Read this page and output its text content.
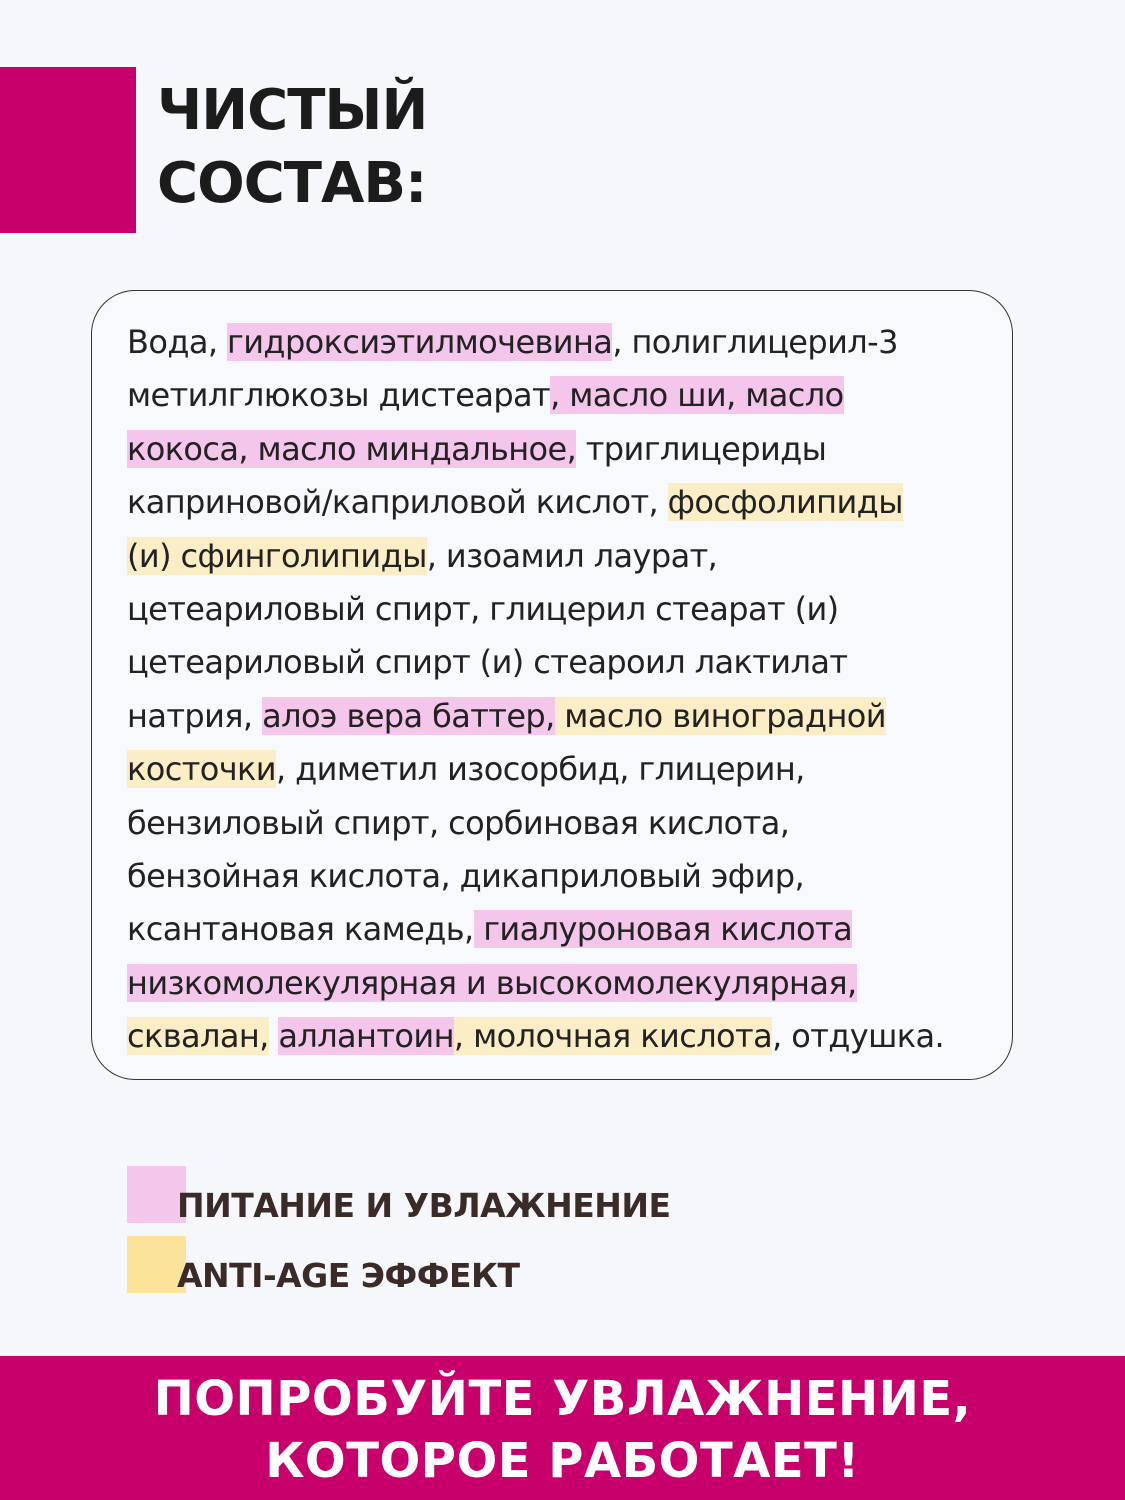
ЧИСТЫЙ
СОСТАВ:

Вода, гидроксиэтилмочевина, полиглицерил-3
метилглюкозы дистеарат, масло ши, масло
кокоса, масло миндальное, триглицериды
каприновой/каприловой кислот, фосфолипиды
(и) сфинголипиды, изоамил лаурат,
цетеариловый спирт, глицерил стеарат (и)
цетеариловый спирт (и) стеароил лактилат
натрия, алоэ вера баттер, масло виноградной
косточки, диметил изосорбид, глицерин,
бензиловый спирт, сорбиновая кислота,
бензойная кислота, дикаприловый эфир,
ксантановая камедь, гиалуроновая кислота
низкомолекулярная и высокомолекулярная,
сквалан, аллантоин, молочная кислота, отдушка.

ПИТАНИЕ И УВЛАЖНЕНИЕ
ANTI-AGE ЭФФЕКТ
ПОПРОБУЙТЕ УВЛАЖНЕНИЕ,
КОТОРОЕ РАБОТАЕТ!
